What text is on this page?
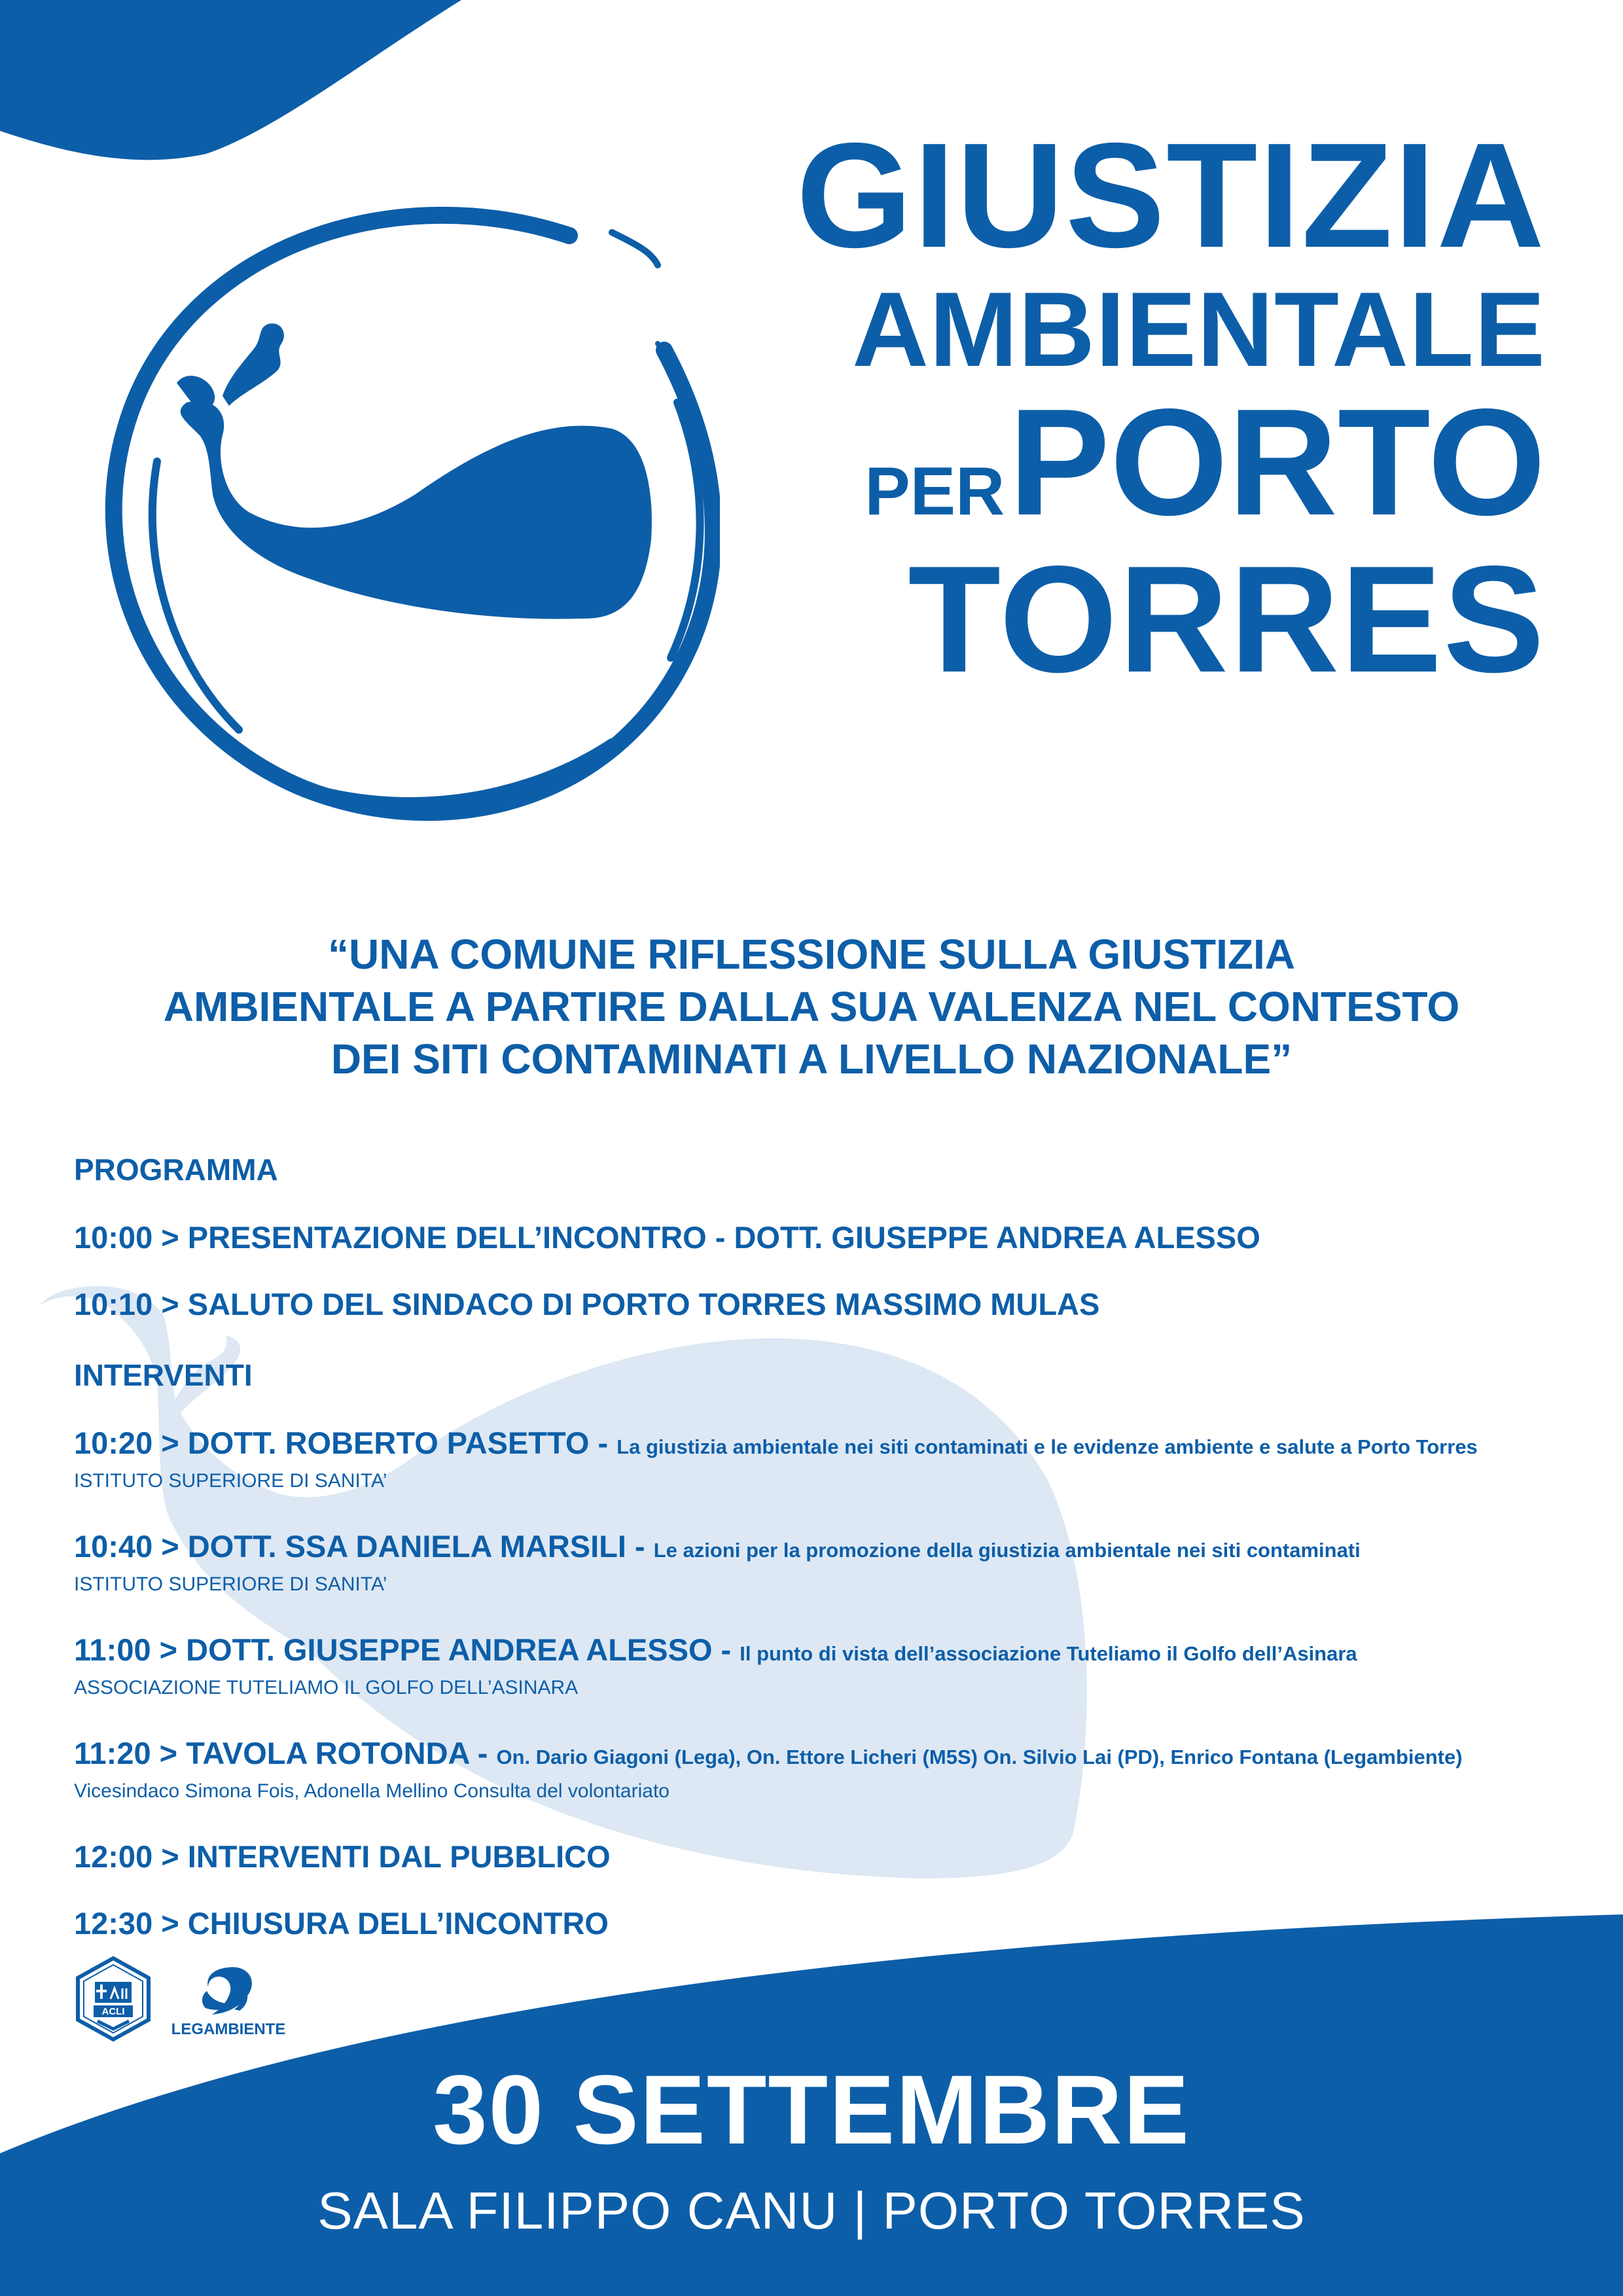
GIUSTIZIA
AMBIENTALE
PERPORTO
TORRES
“UNA COMUNE RIFLESSIONE SULLA GIUSTIZIA
AMBIENTALE A PARTIRE DALLA SUA VALENZA NEL CONTESTO
DEI SITI CONTAMINATI A LIVELLO NAZIONALE”
PROGRAMMA
10:00 > PRESENTAZIONE DELL’INCONTRO - DOTT. GIUSEPPE ANDREA ALESSO
10:10 > SALUTO DEL SINDACO DI PORTO TORRES MASSIMO MULAS
INTERVENTI
10:20 > DOTT. ROBERTO PASETTO - La giustizia ambientale nei siti contaminati e le evidenze ambiente e salute a Porto Torres
ISTITUTO SUPERIORE DI SANITA’
10:40 > DOTT. SSA DANIELA MARSILI - Le azioni per la promozione della giustizia ambientale nei siti contaminati
ISTITUTO SUPERIORE DI SANITA’
11:00 > DOTT. GIUSEPPE ANDREA ALESSO - Il punto di vista dell’associazione Tuteliamo il Golfo dell’Asinara
ASSOCIAZIONE TUTELIAMO IL GOLFO DELL’ASINARA
11:20 > TAVOLA ROTONDA - On. Dario Giagoni (Lega), On. Ettore Licheri (M5S) On. Silvio Lai (PD), Enrico Fontana (Legambiente)
Vicesindaco Simona Fois, Adonella Mellino Consulta del volontariato
12:00 > INTERVENTI DAL PUBBLICO
12:30 > CHIUSURA DELL’INCONTRO
ACLI
LEGAMBIENTE
30 SETTEMBRE
SALA FILIPPO CANU | PORTO TORRES
